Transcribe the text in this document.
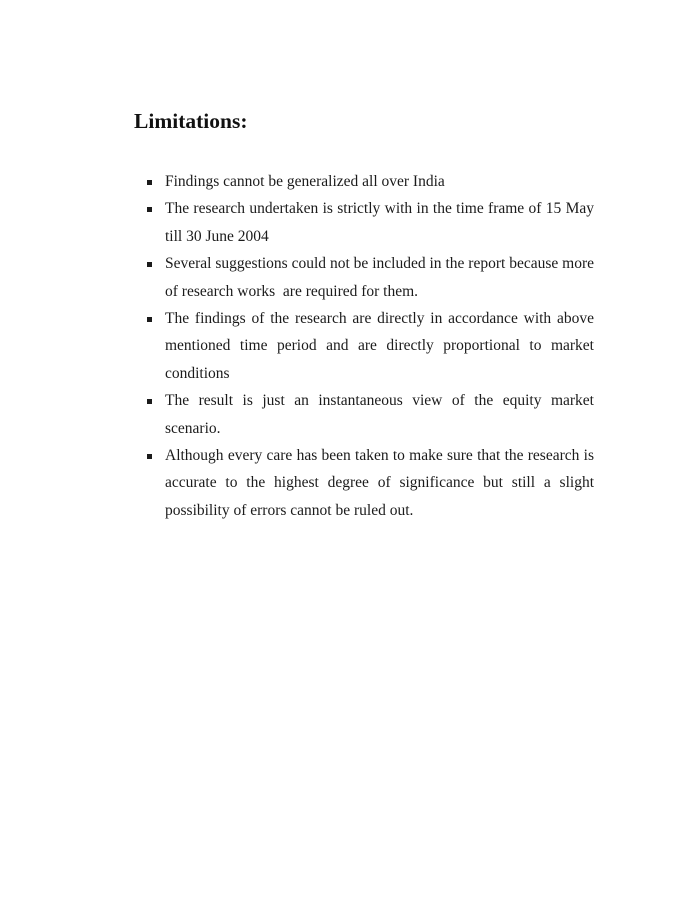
Limitations:
Findings cannot be generalized all over India
The research undertaken is strictly with in the time frame of 15 May till 30 June 2004
Several suggestions could not be included in the report because more of research works  are required for them.
The findings of the research are directly in accordance with above mentioned time period and are directly proportional to market conditions
The result is just an instantaneous view of the equity market scenario.
Although every care has been taken to make sure that the research is accurate to the highest degree of significance but still a slight possibility of errors cannot be ruled out.
